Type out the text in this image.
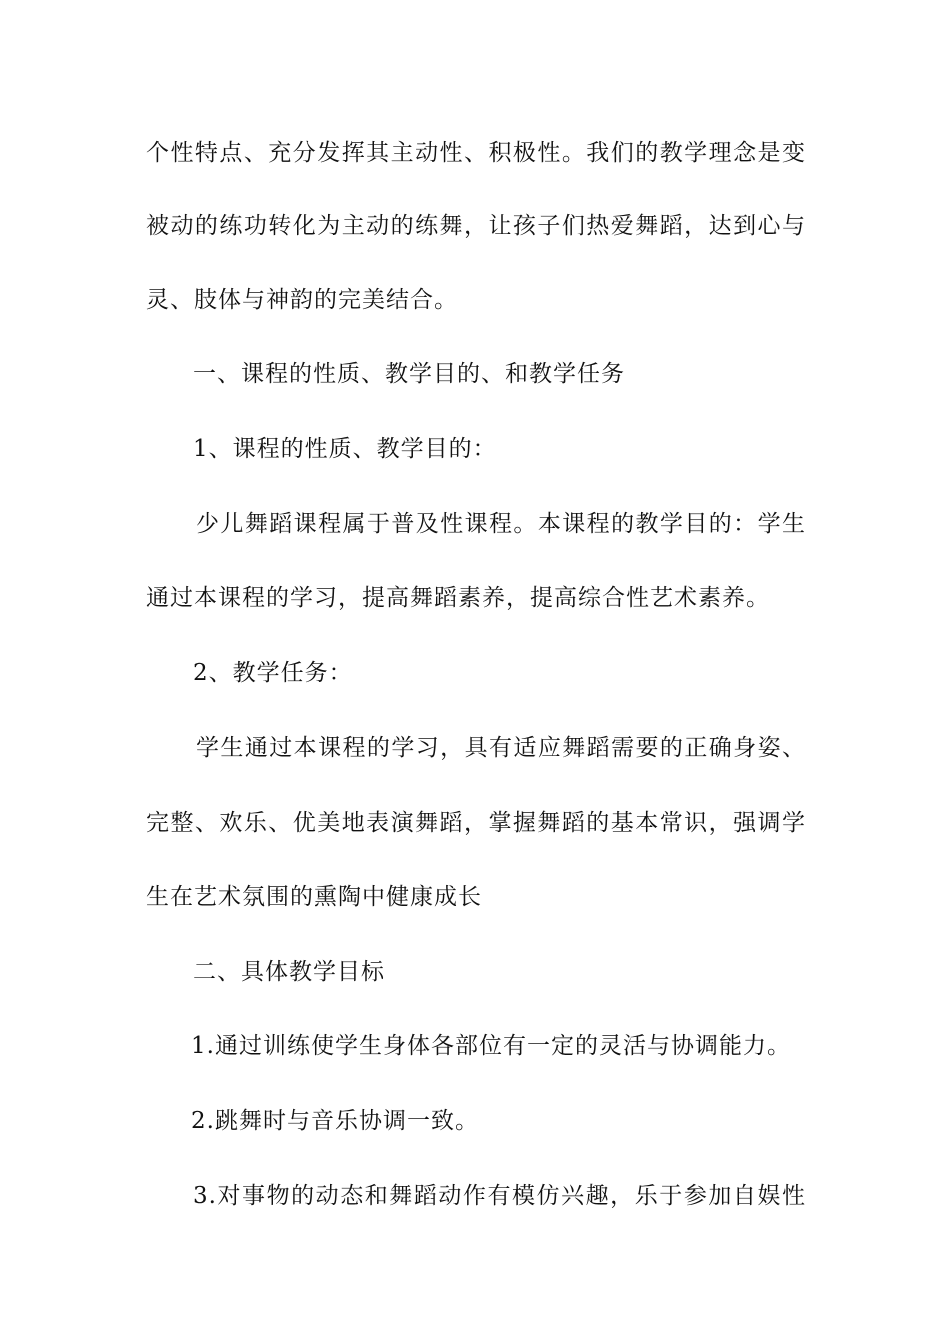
个性特点、充分发挥其主动性、积极性。我们的教学理念是变
被动的练功转化为主动的练舞，让孩子们热爱舞蹈，达到心与
灵、肢体与神韵的完美结合。
一、课程的性质、教学目的、和教学任务
1、课程的性质、教学目的：
少儿舞蹈课程属于普及性课程。本课程的教学目的：学生
通过本课程的学习，提高舞蹈素养，提高综合性艺术素养。
2、教学任务：
学生通过本课程的学习，具有适应舞蹈需要的正确身姿、
完整、欢乐、优美地表演舞蹈，掌握舞蹈的基本常识，强调学
生在艺术氛围的熏陶中健康成长
二、具体教学目标
1.通过训练使学生身体各部位有一定的灵活与协调能力。
2.跳舞时与音乐协调一致。
3.对事物的动态和舞蹈动作有模仿兴趣，乐于参加自娱性
